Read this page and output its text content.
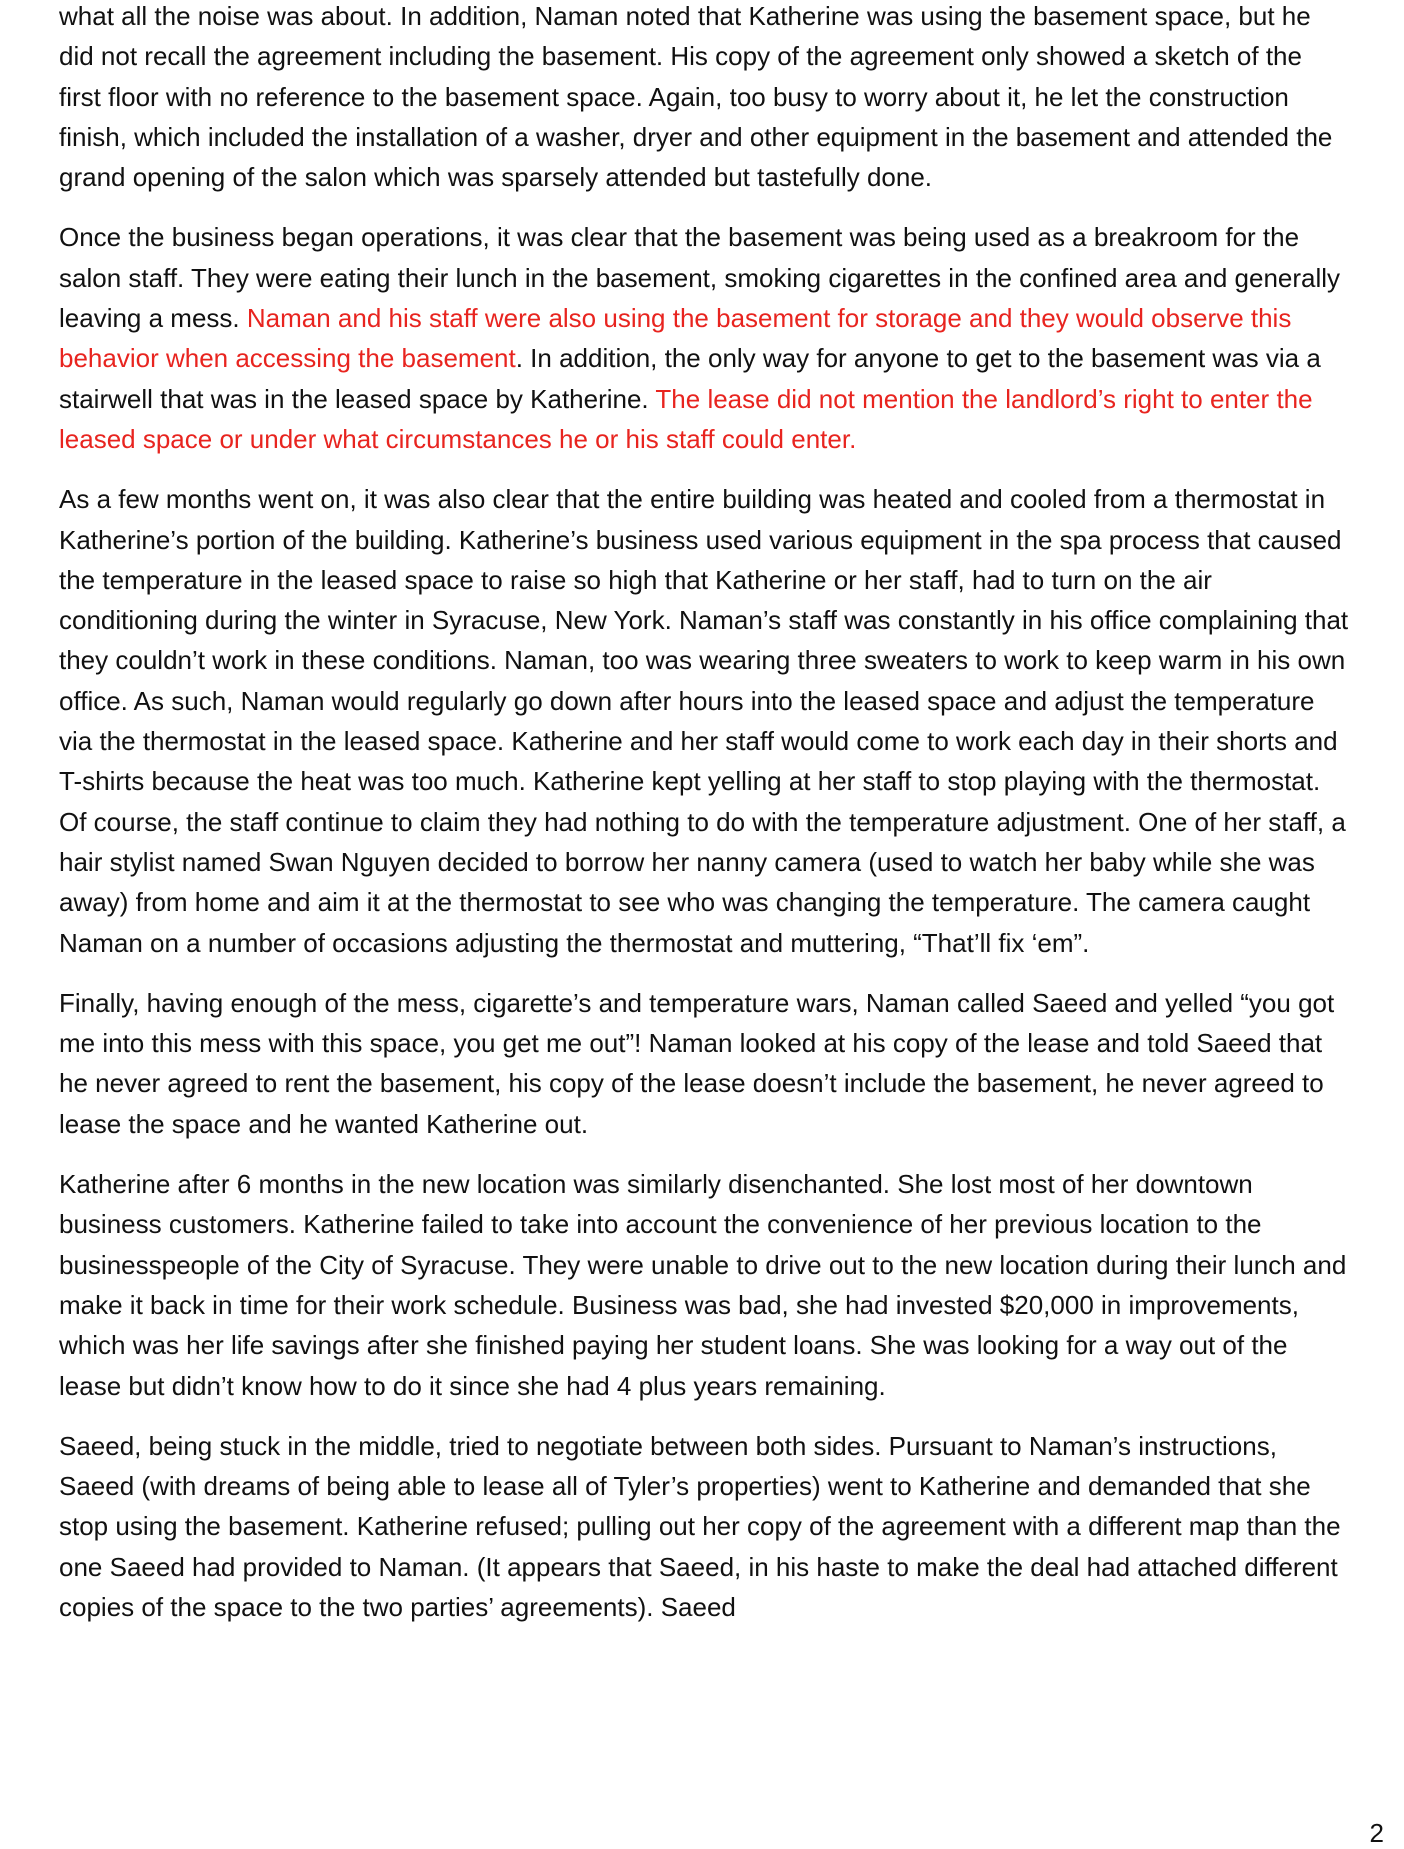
what all the noise was about. In addition, Naman noted that Katherine was using the basement space, but he did not recall the agreement including the basement. His copy of the agreement only showed a sketch of the first floor with no reference to the basement space. Again, too busy to worry about it, he let the construction finish, which included the installation of a washer, dryer and other equipment in the basement and attended the grand opening of the salon which was sparsely attended but tastefully done.

Once the business began operations, it was clear that the basement was being used as a breakroom for the salon staff. They were eating their lunch in the basement, smoking cigarettes in the confined area and generally leaving a mess. Naman and his staff were also using the basement for storage and they would observe this behavior when accessing the basement. In addition, the only way for anyone to get to the basement was via a stairwell that was in the leased space by Katherine. The lease did not mention the landlord’s right to enter the leased space or under what circumstances he or his staff could enter.

As a few months went on, it was also clear that the entire building was heated and cooled from a thermostat in Katherine’s portion of the building. Katherine’s business used various equipment in the spa process that caused the temperature in the leased space to raise so high that Katherine or her staff, had to turn on the air conditioning during the winter in Syracuse, New York. Naman’s staff was constantly in his office complaining that they couldn’t work in these conditions. Naman, too was wearing three sweaters to work to keep warm in his own office. As such, Naman would regularly go down after hours into the leased space and adjust the temperature via the thermostat in the leased space. Katherine and her staff would come to work each day in their shorts and T-shirts because the heat was too much. Katherine kept yelling at her staff to stop playing with the thermostat. Of course, the staff continue to claim they had nothing to do with the temperature adjustment. One of her staff, a hair stylist named Swan Nguyen decided to borrow her nanny camera (used to watch her baby while she was away) from home and aim it at the thermostat to see who was changing the temperature. The camera caught Naman on a number of occasions adjusting the thermostat and muttering, “That’ll fix ‘em”.

Finally, having enough of the mess, cigarette’s and temperature wars, Naman called Saeed and yelled “you got me into this mess with this space, you get me out”! Naman looked at his copy of the lease and told Saeed that he never agreed to rent the basement, his copy of the lease doesn’t include the basement, he never agreed to lease the space and he wanted Katherine out.

Katherine after 6 months in the new location was similarly disenchanted. She lost most of her downtown business customers. Katherine failed to take into account the convenience of her previous location to the businesspeople of the City of Syracuse. They were unable to drive out to the new location during their lunch and make it back in time for their work schedule. Business was bad, she had invested $20,000 in improvements, which was her life savings after she finished paying her student loans. She was looking for a way out of the lease but didn’t know how to do it since she had 4 plus years remaining.

Saeed, being stuck in the middle, tried to negotiate between both sides. Pursuant to Naman’s instructions, Saeed (with dreams of being able to lease all of Tyler’s properties) went to Katherine and demanded that she stop using the basement. Katherine refused; pulling out her copy of the agreement with a different map than the one Saeed had provided to Naman. (It appears that Saeed, in his haste to make the deal had attached different copies of the space to the two parties’ agreements). Saeed

2
